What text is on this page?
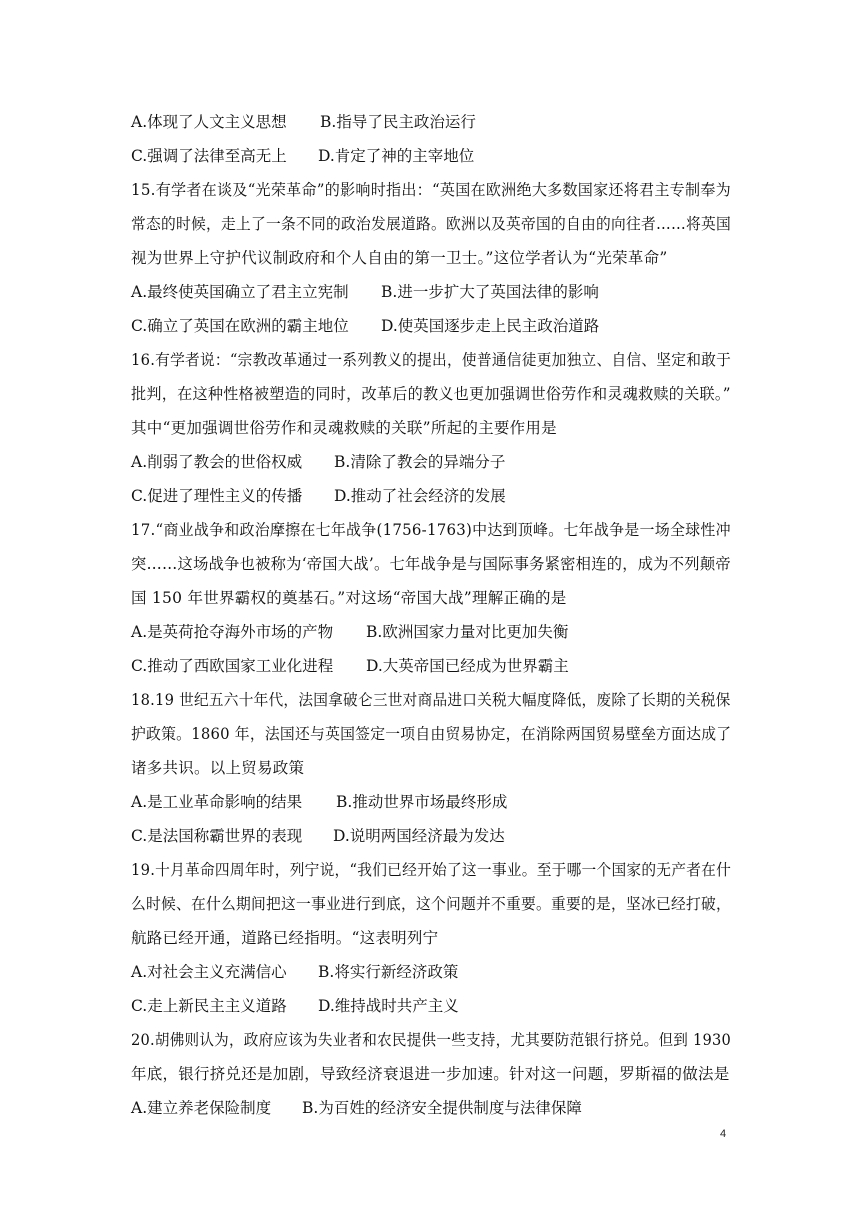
A.体现了人文主义思想 B.指导了民主政治运行
C.强调了法律至高无上 D.肯定了神的主宰地位
15.有学者在谈及“光荣革命”的影响时指出：“英国在欧洲绝大多数国家还将君主专制奉为
常态的时候，走上了一条不同的政治发展道路。欧洲以及英帝国的自由的向往者……将英国
视为世界上守护代议制政府和个人自由的第一卫士。”这位学者认为“光荣革命”
A.最终使英国确立了君主立宪制 B.进一步扩大了英国法律的影响
C.确立了英国在欧洲的霸主地位 D.使英国逐步走上民主政治道路
16.有学者说：“宗教改革通过一系列教义的提出，使普通信徒更加独立、自信、坚定和敢于
批判，在这种性格被塑造的同时，改革后的教义也更加强调世俗劳作和灵魂救赎的关联。”
其中“更加强调世俗劳作和灵魂救赎的关联”所起的主要作用是
A.削弱了教会的世俗权威 B.清除了教会的异端分子
C.促进了理性主义的传播 D.推动了社会经济的发展
17.“商业战争和政治摩擦在七年战争(1756-1763)中达到顶峰。七年战争是一场全球性冲
突……这场战争也被称为‘帝国大战’。七年战争是与国际事务紧密相连的，成为不列颠帝
国 150 年世界霸权的奠基石。”对这场“帝国大战”理解正确的是
A.是英荷抢夺海外市场的产物 B.欧洲国家力量对比更加失衡
C.推动了西欧国家工业化进程 D.大英帝国已经成为世界霸主
18.19 世纪五六十年代，法国拿破仑三世对商品进口关税大幅度降低，废除了长期的关税保
护政策。1860 年，法国还与英国签定一项自由贸易协定，在消除两国贸易壁垒方面达成了
诸多共识。以上贸易政策
A.是工业革命影响的结果 B.推动世界市场最终形成
C.是法国称霸世界的表现 D.说明两国经济最为发达
19.十月革命四周年时，列宁说，“我们已经开始了这一事业。至于哪一个国家的无产者在什
么时候、在什么期间把这一事业进行到底，这个问题并不重要。重要的是，坚冰已经打破，
航路已经开通，道路已经指明。“这表明列宁
A.对社会主义充满信心 B.将实行新经济政策
C.走上新民主主义道路 D.维持战时共产主义
20.胡佛则认为，政府应该为失业者和农民提供一些支持，尤其要防范银行挤兑。但到 1930
年底，银行挤兑还是加剧，导致经济衰退进一步加速。针对这一问题，罗斯福的做法是
A.建立养老保险制度 B.为百姓的经济安全提供制度与法律保障
4
